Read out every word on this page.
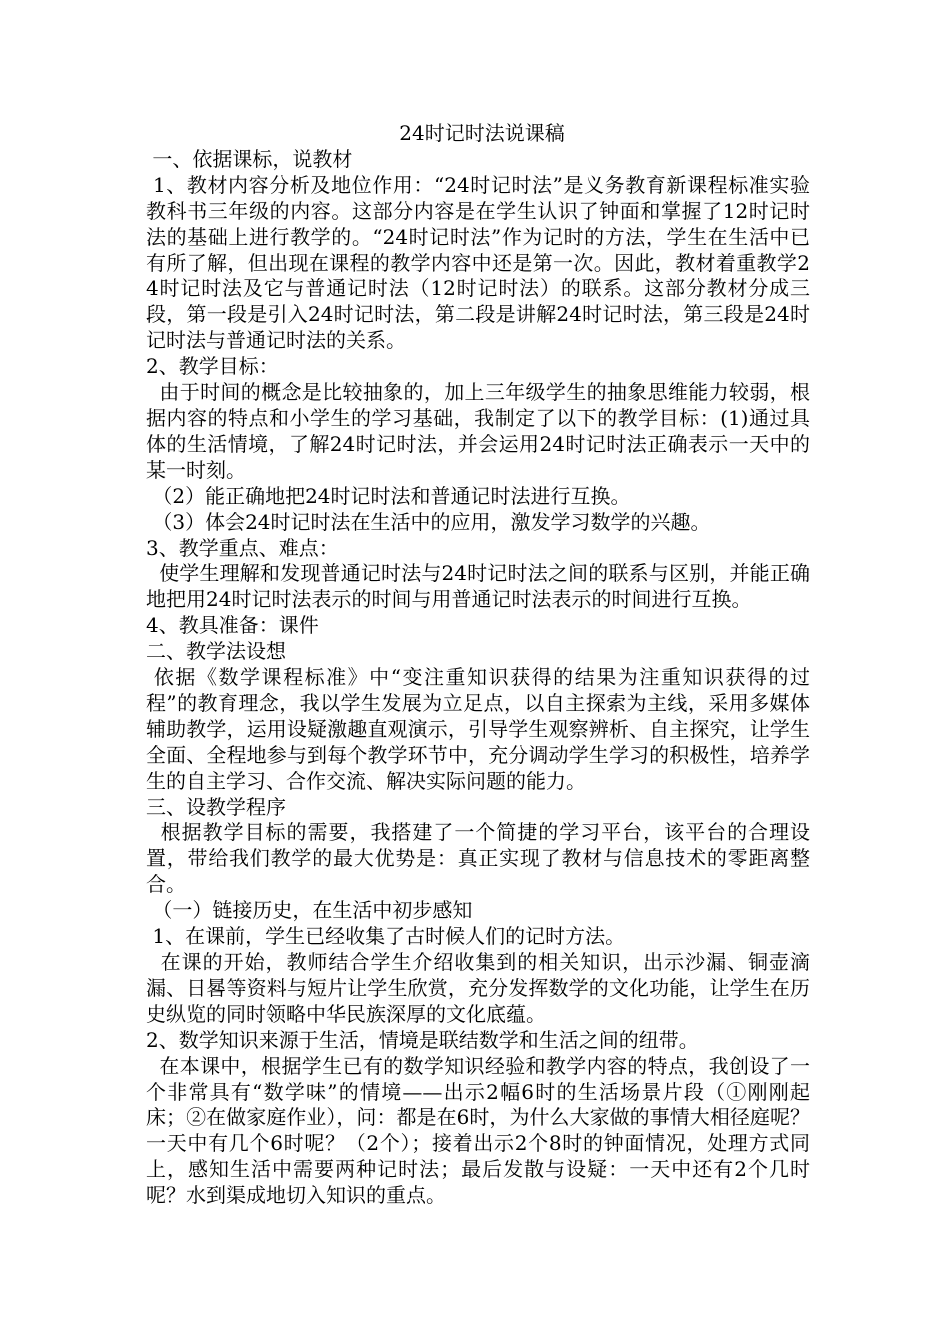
24时记时法说课稿

一、依据课标，说教材

1、教材内容分析及地位作用：“24时记时法”是义务教育新课程标准实验教科书三年级的内容。这部分内容是在学生认识了钟面和掌握了12时记时法的基础上进行教学的。“24时记时法”作为记时的方法，学生在生活中已有所了解，但出现在课程的教学内容中还是第一次。因此，教材着重教学24时记时法及它与普通记时法（12时记时法）的联系。这部分教材分成三段，第一段是引入24时记时法，第二段是讲解24时记时法，第三段是24时记时法与普通记时法的关系。

2、教学目标：

由于时间的概念是比较抽象的，加上三年级学生的抽象思维能力较弱，根据内容的特点和小学生的学习基础，我制定了以下的教学目标：(1)通过具体的生活情境，了解24时记时法，并会运用24时记时法正确表示一天中的某一时刻。

（2）能正确地把24时记时法和普通记时法进行互换。

（3）体会24时记时法在生活中的应用，激发学习数学的兴趣。

3、教学重点、难点：

使学生理解和发现普通记时法与24时记时法之间的联系与区别，并能正确地把用24时记时法表示的时间与用普通记时法表示的时间进行互换。

4、教具准备：课件

二、教学法设想

依据《数学课程标准》中“变注重知识获得的结果为注重知识获得的过程”的教育理念，我以学生发展为立足点，以自主探索为主线，采用多媒体辅助教学，运用设疑激趣直观演示，引导学生观察辨析、自主探究，让学生全面、全程地参与到每个教学环节中，充分调动学生学习的积极性，培养学生的自主学习、合作交流、解决实际问题的能力。

三、设教学程序

根据教学目标的需要，我搭建了一个简捷的学习平台，该平台的合理设置，带给我们教学的最大优势是：真正实现了教材与信息技术的零距离整合。

（一）链接历史，在生活中初步感知

1、在课前，学生已经收集了古时候人们的记时方法。

在课的开始，教师结合学生介绍收集到的相关知识，出示沙漏、铜壶滴漏、日晷等资料与短片让学生欣赏，充分发挥数学的文化功能，让学生在历史纵览的同时领略中华民族深厚的文化底蕴。

2、数学知识来源于生活，情境是联结数学和生活之间的纽带。

在本课中，根据学生已有的数学知识经验和教学内容的特点，我创设了一个非常具有“数学味”的情境——出示2幅6时的生活场景片段（①刚刚起床；②在做家庭作业），问：都是在6时，为什么大家做的事情大相径庭呢？一天中有几个6时呢？（2个）；接着出示2个8时的钟面情况，处理方式同上，感知生活中需要两种记时法；最后发散与设疑：一天中还有2个几时呢？水到渠成地切入知识的重点。
